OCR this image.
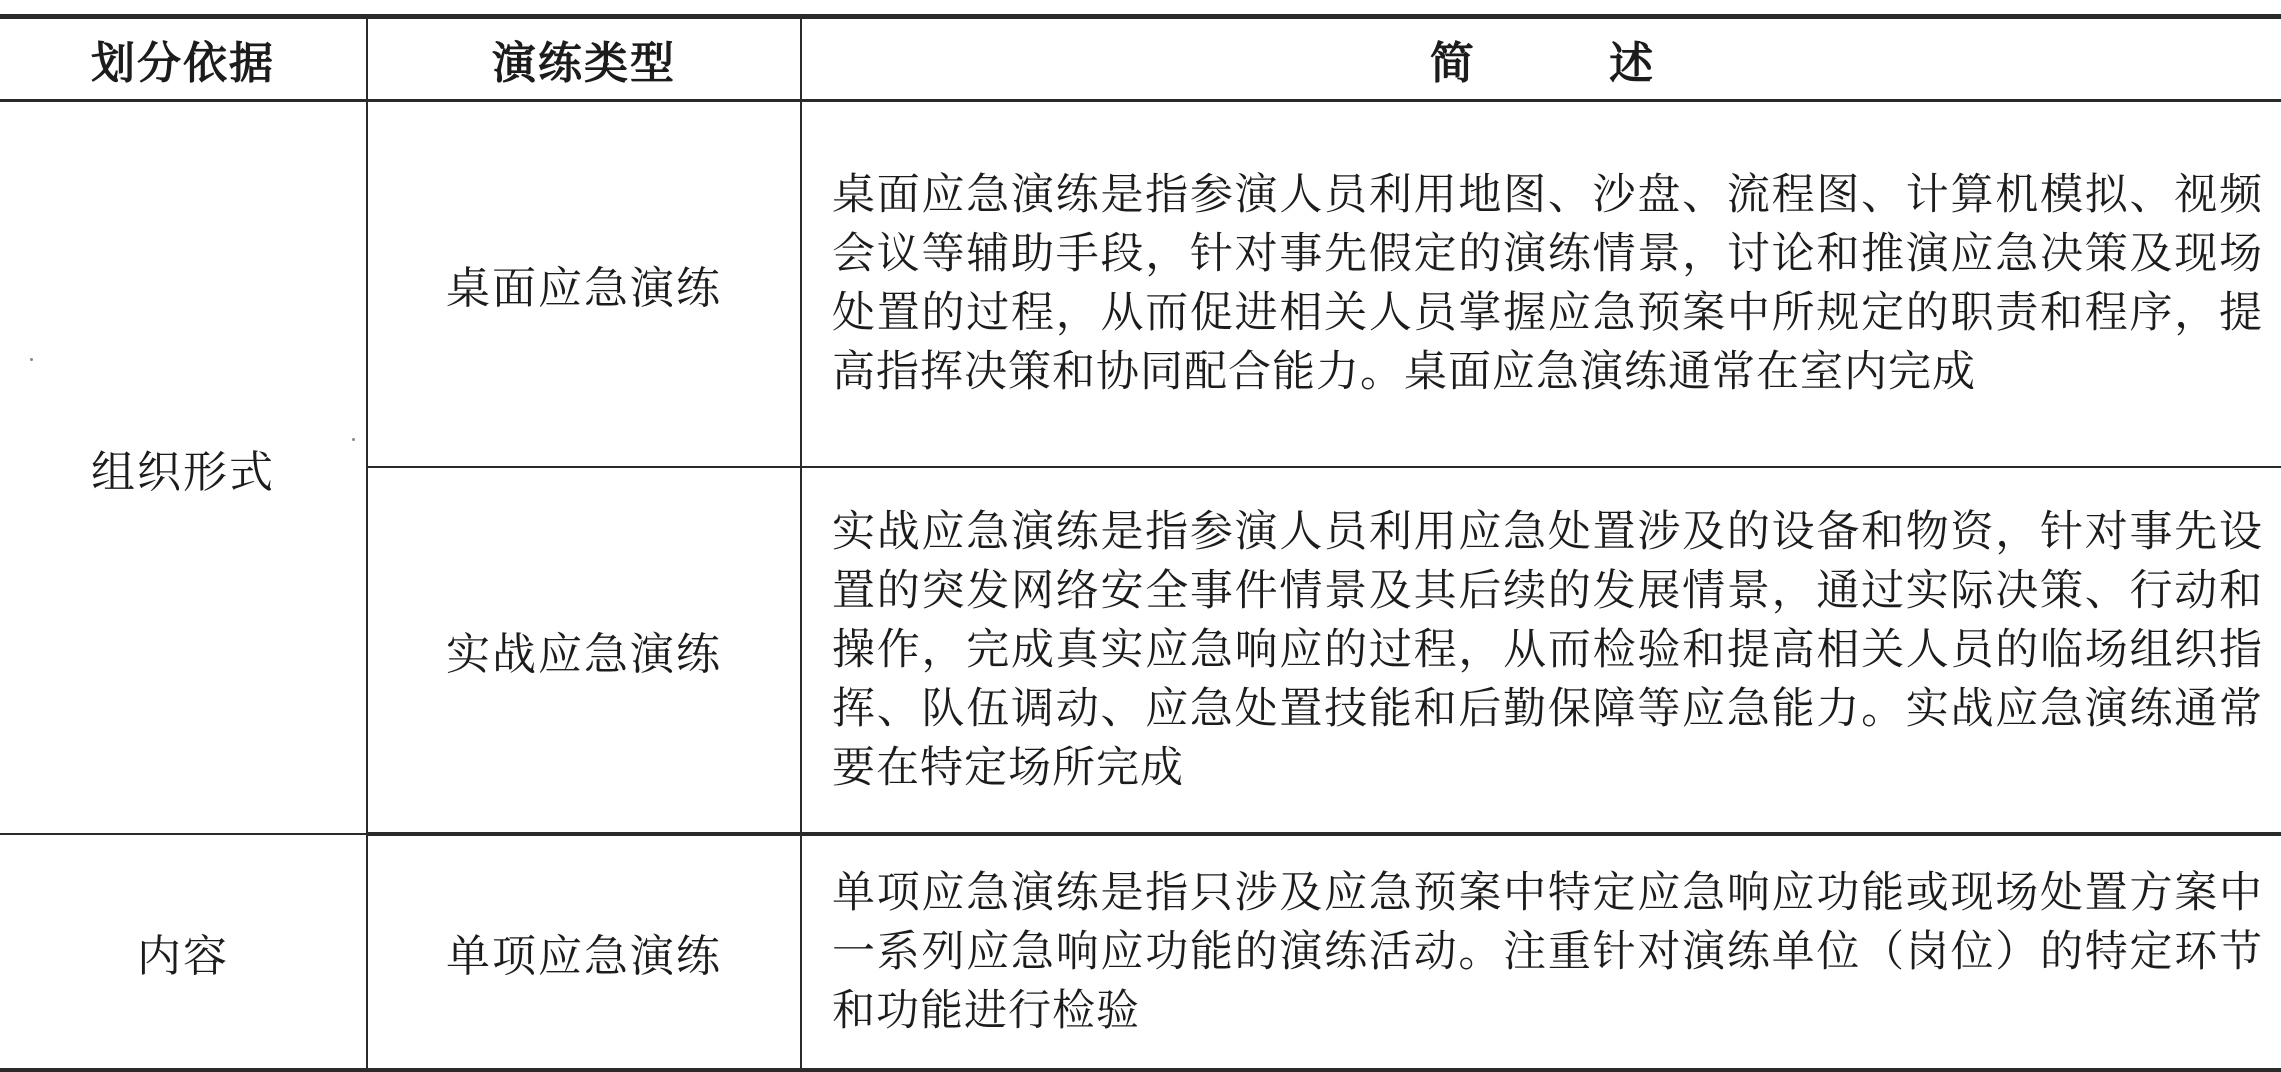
划分依据	演练类型	简 述
组织形式	桌面应急演练	桌面应急演练是指参演人员利用地图、沙盘、流程图、计算机模拟、视频会议等辅助手段，针对事先假定的演练情景，讨论和推演应急决策及现场处置的过程，从而促进相关人员掌握应急预案中所规定的职责和程序，提高指挥决策和协同配合能力。桌面应急演练通常在室内完成
	实战应急演练	实战应急演练是指参演人员利用应急处置涉及的设备和物资，针对事先设置的突发网络安全事件情景及其后续的发展情景，通过实际决策、行动和操作，完成真实应急响应的过程，从而检验和提高相关人员的临场组织指挥、队伍调动、应急处置技能和后勤保障等应急能力。实战应急演练通常要在特定场所完成
内容	单项应急演练	单项应急演练是指只涉及应急预案中特定应急响应功能或现场处置方案中一系列应急响应功能的演练活动。注重针对演练单位（岗位）的特定环节和功能进行检验
